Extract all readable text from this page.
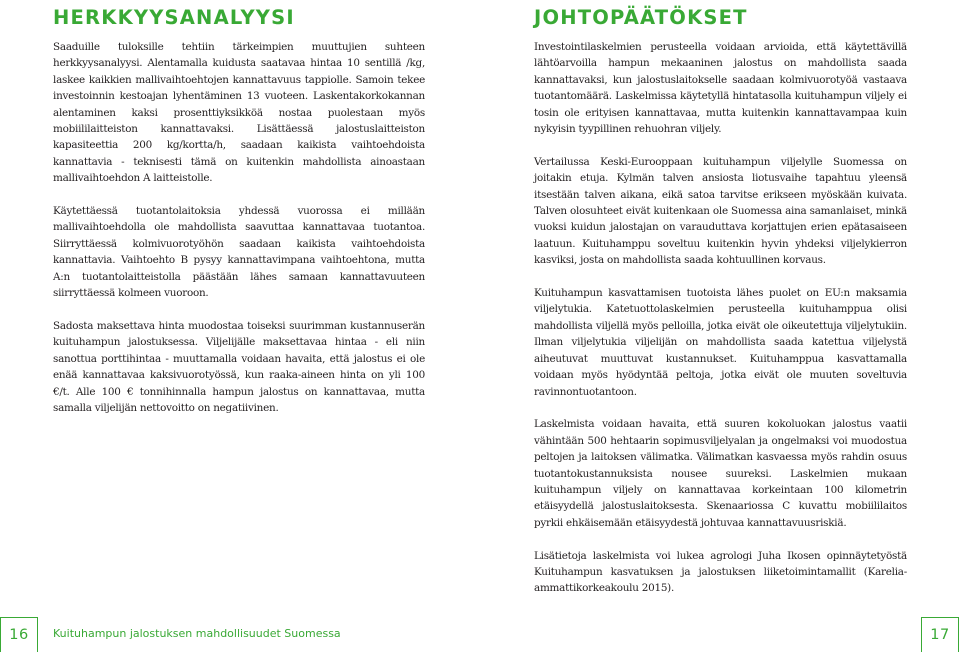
HERKKYYSANALYYSI

Saaduille tuloksille tehtiin tärkeimpien muuttujien suhteen herkkyysanalyysi. Alentamalla kuidusta saatavaa hintaa 10 sentillä /kg, laskee kaikkien mallivaihtoehtojen kannattavuus tappiolle. Samoin tekee investoinnin kestoajan lyhentäminen 13 vuoteen. Laskentakorkokannan alentaminen kaksi prosenttiyksikköä nostaa puolestaan myös mobiililaitteiston kannattavaksi. Lisättäessä jalostuslaitteiston kapasiteettia 200 kg/kortta/h, saadaan kaikista vaihtoehdoista kannattavia - teknisesti tämä on kuitenkin mahdollista ainoastaan mallivaihtoehdon A laitteistolle.

Käytettäessä tuotantolaitoksia yhdessä vuorossa ei millään mallivaihtoehdolla ole mahdollista saavuttaa kannattavaa tuotantoa. Siirryttäessä kolmivuorotyöhön saadaan kaikista vaihtoehdoista kannattavia. Vaihtoehto B pysyy kannattavimpana vaihtoehtona, mutta A:n tuotantolaitteistolla päästään lähes samaan kannattavuuteen siirryttäessä kolmeen vuoroon.

Sadosta maksettava hinta muodostaa toiseksi suurimman kustannuserän kuituhampun jalostuksessa. Viljelijälle maksettavaa hintaa - eli niin sanottua porttihintaa - muuttamalla voidaan havaita, että jalostus ei ole enää kannattavaa kaksivuorotyössä, kun raaka-aineen hinta on yli 100 €/t. Alle 100 € tonnihinnalla hampun jalostus on kannattavaa, mutta samalla viljelijän nettovoitto on negatiivinen.

JOHTOPÄÄTÖKSET

Investointilaskelmien perusteella voidaan arvioida, että käytettävillä lähtöarvoilla hampun mekaaninen jalostus on mahdollista saada kannattavaksi, kun jalostuslaitokselle saadaan kolmivuorotyöä vastaava tuotantomäärä. Laskelmissa käytetyllä hintatasolla kuituhampun viljely ei tosin ole erityisen kannattavaa, mutta kuitenkin kannattavampaa kuin nykyisin tyypillinen rehuohran viljely.

Vertailussa Keski-Eurooppaan kuituhampun viljelylle Suomessa on joitakin etuja. Kylmän talven ansiosta liotusvaihe tapahtuu yleensä itsestään talven aikana, eikä satoa tarvitse erikseen myöskään kuivata. Talven olosuhteet eivät kuitenkaan ole Suomessa aina samanlaiset, minkä vuoksi kuidun jalostajan on varauduttava korjattujen erien epätasaiseen laatuun. Kuituhamppu soveltuu kuitenkin hyvin yhdeksi viljelykierron kasviksi, josta on mahdollista saada kohtuullinen korvaus.

Kuituhampun kasvattamisen tuotoista lähes puolet on EU:n maksamia viljelytukia. Katetuottolaskelmien perusteella kuituhamppua olisi mahdollista viljellä myös pelloilla, jotka eivät ole oikeutettuja viljelytukiin. Ilman viljelytukia viljelijän on mahdollista saada katettua viljelystä aiheutuvat muuttuvat kustannukset. Kuituhamppua kasvattamalla voidaan myös hyödyntää peltoja, jotka eivät ole muuten soveltuvia ravinnontuotantoon.

Laskelmista voidaan havaita, että suuren kokoluokan jalostus vaatii vähintään 500 hehtaarin sopimusviljelyalan ja ongelmaksi voi muodostua peltojen ja laitoksen välimatka. Välimatkan kasvaessa myös rahdin osuus tuotantokustannuksista nousee suureksi. Laskelmien mukaan kuituhampun viljely on kannattavaa korkeintaan 100 kilometrin etäisyydellä jalostuslaitoksesta. Skenaariossa C kuvattu mobiililaitos pyrkii ehkäisemään etäisyydestä johtuvaa kannattavuusriskiä.

Lisätietoja laskelmista voi lukea agrologi Juha Ikosen opinnäytetyöstä Kuituhampun kasvatuksen ja jalostuksen liiketoimintamallit (Karelia-ammattikorkeakoulu 2015).

16	Kuituhampun jalostuksen mahdollisuudet Suomessa	17
